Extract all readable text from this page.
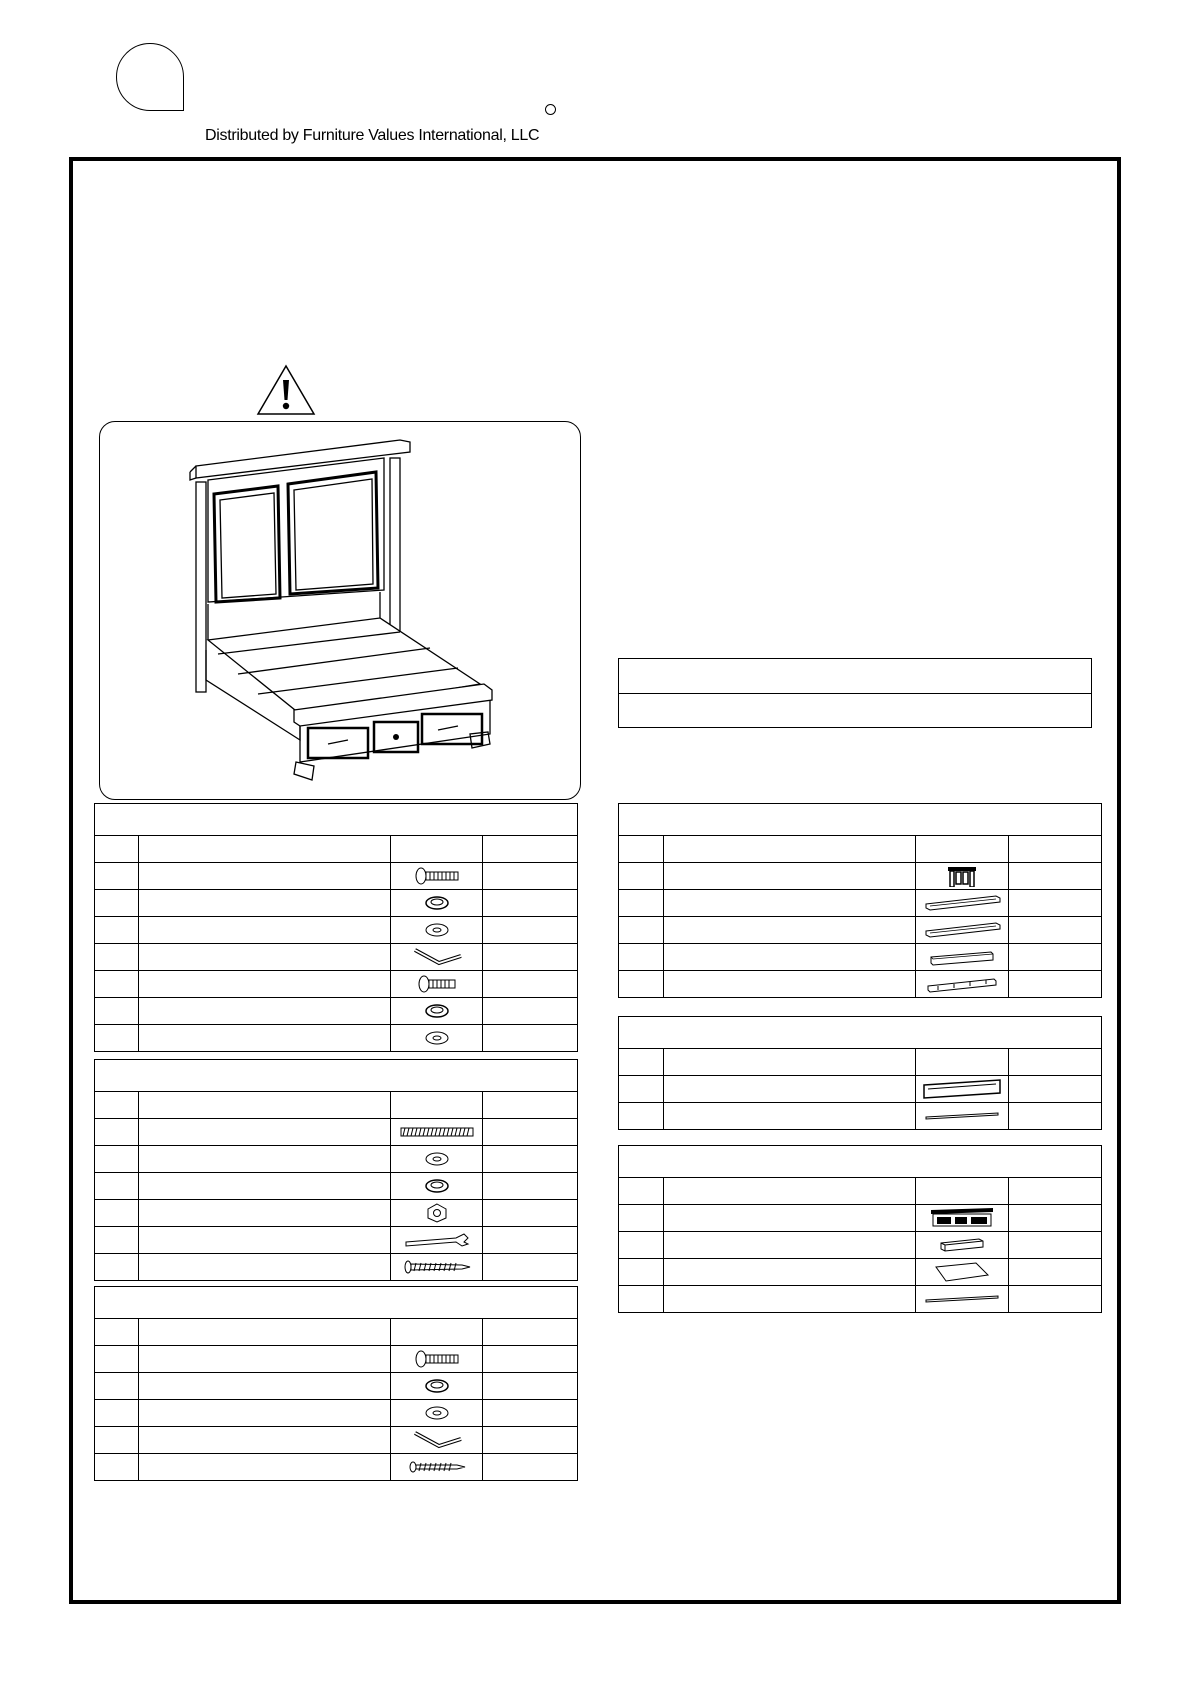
Distributed by Furniture Values International, LLC
